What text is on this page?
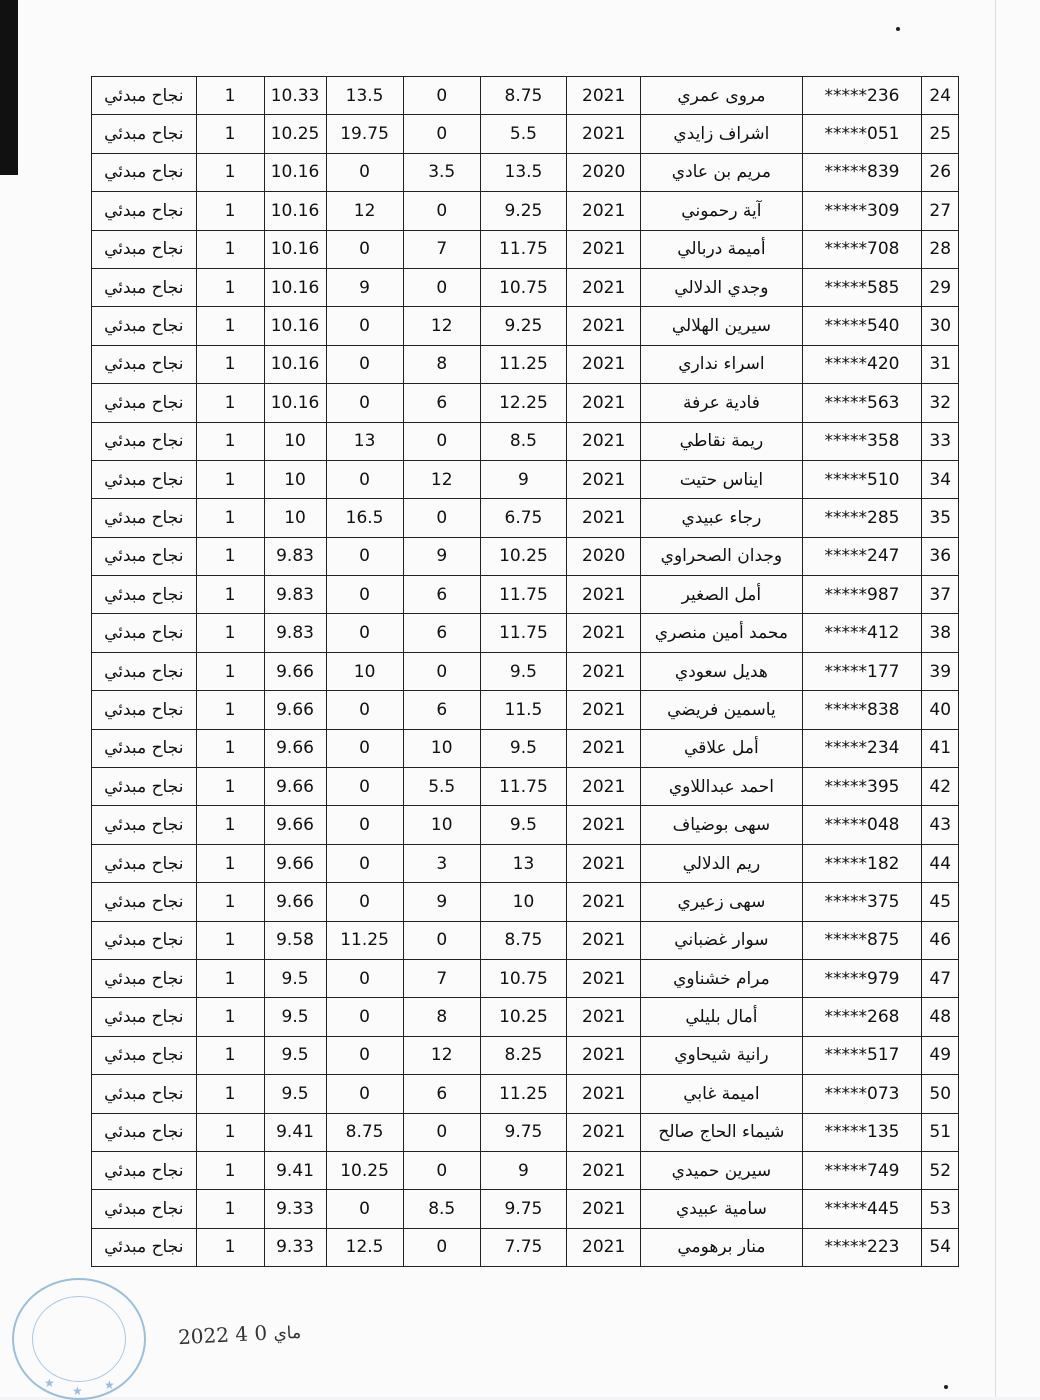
نجاح مبدئي	1	10.33	13.5	0	8.75	2021	مروى عمري	*****236	24
نجاح مبدئي	1	10.25	19.75	0	5.5	2021	اشراف زايدي	*****051	25
نجاح مبدئي	1	10.16	0	3.5	13.5	2020	مريم بن عادي	*****839	26
نجاح مبدئي	1	10.16	12	0	9.25	2021	آية رحموني	*****309	27
نجاح مبدئي	1	10.16	0	7	11.75	2021	أميمة دربالي	*****708	28
نجاح مبدئي	1	10.16	9	0	10.75	2021	وجدي الدلالي	*****585	29
نجاح مبدئي	1	10.16	0	12	9.25	2021	سيرين الهلالي	*****540	30
نجاح مبدئي	1	10.16	0	8	11.25	2021	اسراء نداري	*****420	31
نجاح مبدئي	1	10.16	0	6	12.25	2021	فادية عرفة	*****563	32
نجاح مبدئي	1	10	13	0	8.5	2021	ريمة نقاطي	*****358	33
نجاح مبدئي	1	10	0	12	9	2021	ايناس حتيت	*****510	34
نجاح مبدئي	1	10	16.5	0	6.75	2021	رجاء عبيدي	*****285	35
نجاح مبدئي	1	9.83	0	9	10.25	2020	وجدان الصحراوي	*****247	36
نجاح مبدئي	1	9.83	0	6	11.75	2021	أمل الصغير	*****987	37
نجاح مبدئي	1	9.83	0	6	11.75	2021	محمد أمين منصري	*****412	38
نجاح مبدئي	1	9.66	10	0	9.5	2021	هديل سعودي	*****177	39
نجاح مبدئي	1	9.66	0	6	11.5	2021	ياسمين فريضي	*****838	40
نجاح مبدئي	1	9.66	0	10	9.5	2021	أمل علاقي	*****234	41
نجاح مبدئي	1	9.66	0	5.5	11.75	2021	احمد عبداللاوي	*****395	42
نجاح مبدئي	1	9.66	0	10	9.5	2021	سهى بوضياف	*****048	43
نجاح مبدئي	1	9.66	0	3	13	2021	ريم الدلالي	*****182	44
نجاح مبدئي	1	9.66	0	9	10	2021	سهى زعيري	*****375	45
نجاح مبدئي	1	9.58	11.25	0	8.75	2021	سوار غضباني	*****875	46
نجاح مبدئي	1	9.5	0	7	10.75	2021	مرام خشناوي	*****979	47
نجاح مبدئي	1	9.5	0	8	10.25	2021	أمال بليلي	*****268	48
نجاح مبدئي	1	9.5	0	12	8.25	2021	رانية شيحاوي	*****517	49
نجاح مبدئي	1	9.5	0	6	11.25	2021	اميمة غابي	*****073	50
نجاح مبدئي	1	9.41	8.75	0	9.75	2021	شيماء الحاج صالح	*****135	51
نجاح مبدئي	1	9.41	10.25	0	9	2021	سيرين حميدي	*****749	52
نجاح مبدئي	1	9.33	0	8.5	9.75	2021	سامية عبيدي	*****445	53
نجاح مبدئي	1	9.33	12.5	0	7.75	2021	منار برهومي	*****223	54
★
★ ★
2022	ماي 0 4
